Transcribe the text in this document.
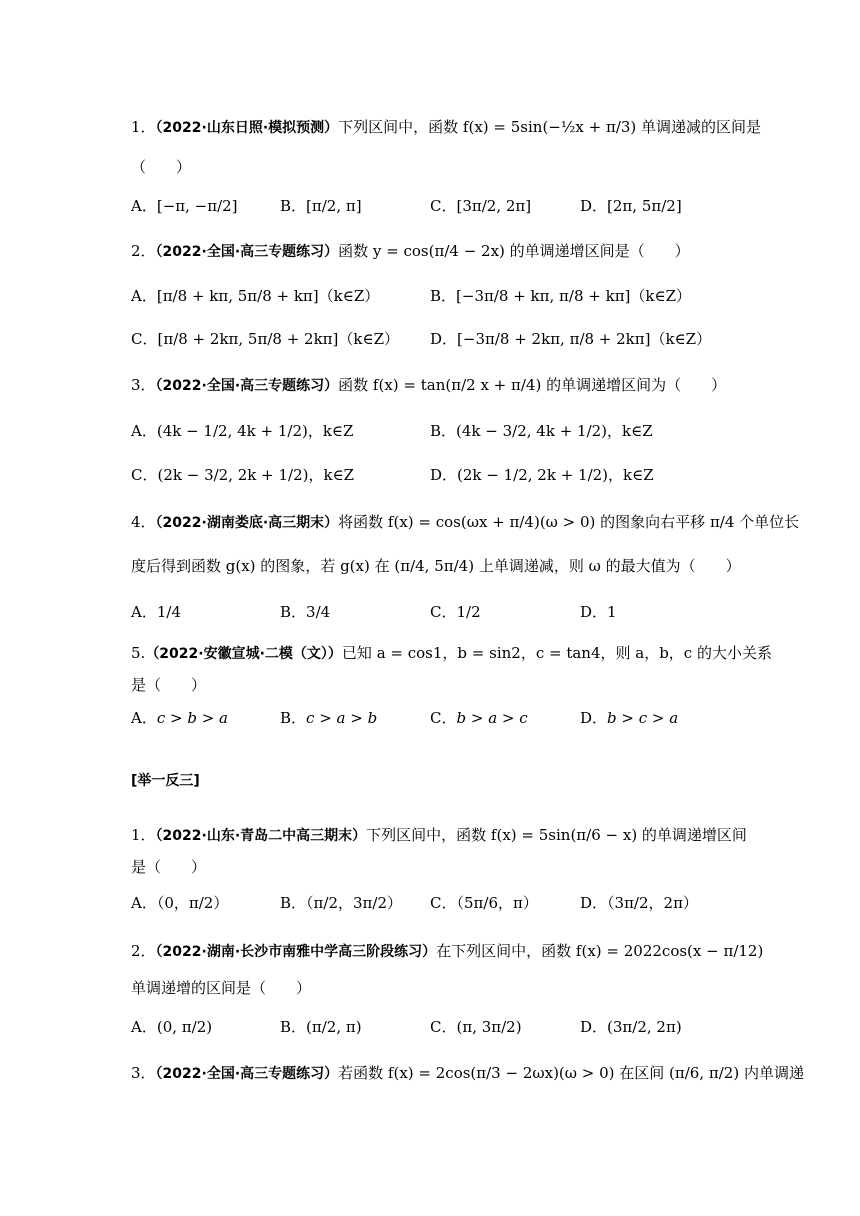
1．（2022·山东日照·模拟预测）下列区间中，函数 f(x) = 5sin(−½x + π/3) 单调递减的区间是
（　　）
A．[−π, −π/2]	B．[π/2, π]	C．[3π/2, 2π]	D．[2π, 5π/2]
2．（2022·全国·高三专题练习）函数 y = cos(π/4 − 2x) 的单调递增区间是（　　）
A．[π/8 + kπ, 5π/8 + kπ]（k∈Z）	B．[−3π/8 + kπ, π/8 + kπ]（k∈Z）
C．[π/8 + 2kπ, 5π/8 + 2kπ]（k∈Z） D．[−3π/8 + 2kπ, π/8 + 2kπ]（k∈Z）
3．（2022·全国·高三专题练习）函数 f(x) = tan(π/2 x + π/4) 的单调递增区间为（　　）
A．(4k − 1/2, 4k + 1/2)，k∈Z	B．(4k − 3/2, 4k + 1/2)，k∈Z
C．(2k − 3/2, 2k + 1/2)，k∈Z	D．(2k − 1/2, 2k + 1/2)，k∈Z
4．（2022·湖南娄底·高三期末）将函数 f(x) = cos(ωx + π/4)(ω > 0) 的图象向右平移 π/4 个单位长
度后得到函数 g(x) 的图象，若 g(x) 在 (π/4, 5π/4) 上单调递减，则 ω 的最大值为（　　）
A．1/4	B．3/4	C．1/2	D．1
5.（2022·安徽宣城·二模（文））已知 a = cos1，b = sin2，c = tan4，则 a，b，c 的大小关系
是（　　）
A．c > b > a	B．c > a > b	C．b > a > c	D．b > c > a
[举一反三]
1．（2022·山东·青岛二中高三期末）下列区间中，函数 f(x) = 5sin(π/6 − x) 的单调递增区间
是（　　）
A．（0，π/2）	B．（π/2，3π/2） C．（5π/6，π）	D．（3π/2，2π）
2．（2022·湖南·长沙市南雅中学高三阶段练习）在下列区间中，函数 f(x) = 2022cos(x − π/12)
单调递增的区间是（　　）
A．(0, π/2)	B．(π/2, π)	C．(π, 3π/2)	D．(3π/2, 2π)
3．（2022·全国·高三专题练习）若函数 f(x) = 2cos(π/3 − 2ωx)(ω > 0) 在区间 (π/6, π/2) 内单调递
